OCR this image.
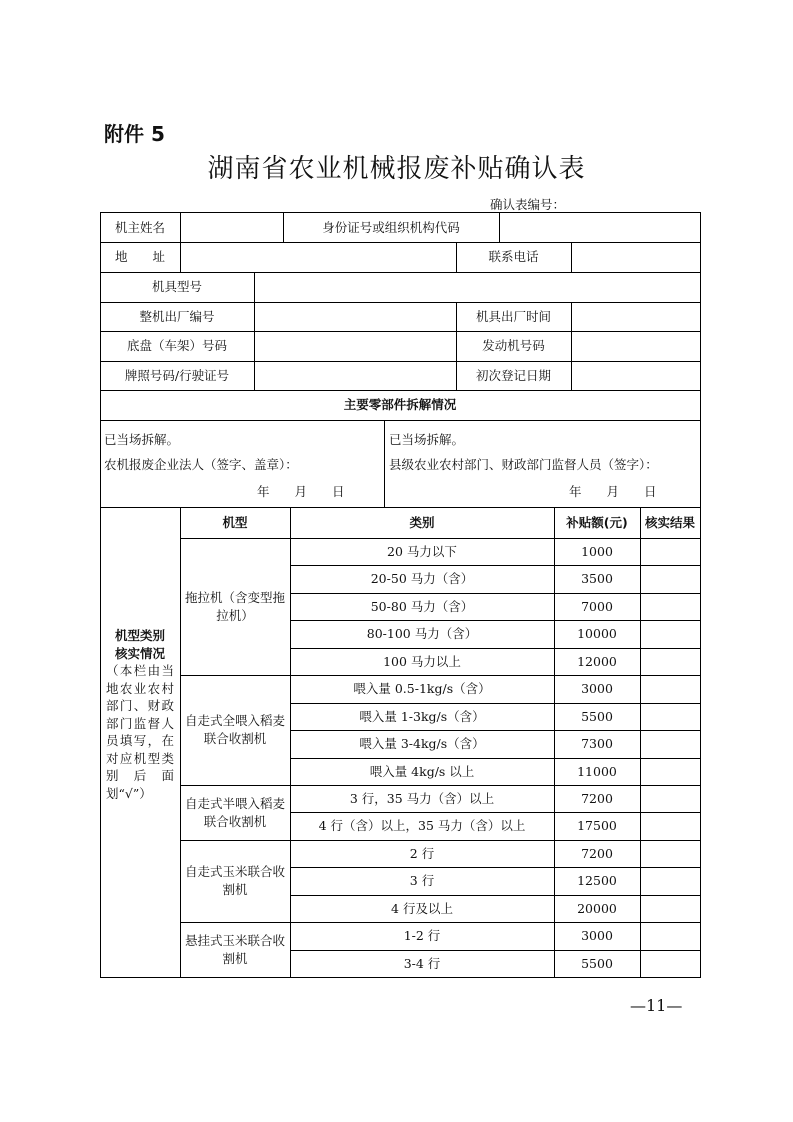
附件 5
湖南省农业机械报废补贴确认表
确认表编号：
机主姓名	身份证号或组织机构代码
地　　址	联系电话
机具型号
整机出厂编号	机具出厂时间
底盘（车架）号码	发动机号码
牌照号码/行驶证号	初次登记日期
主要零部件拆解情况
已当场拆解。
农机报废企业法人（签字、盖章）：
年　　月　　日
已当场拆解。
县级农业农村部门、财政部门监督人员（签字）：
年　　月　　日
机型类别
核实情况
（本栏由当地农业农村部门、财政部门监督人员填写，在对应机型类别后面划“√”）
机型	类别	补贴额(元)	核实结果
拖拉机（含变型拖拉机）
20 马力以下	1000
20-50 马力（含）	3500
50-80 马力（含）	7000
80-100 马力（含）	10000
100 马力以上	12000
自走式全喂入稻麦联合收割机
喂入量 0.5-1kg/s（含）	3000
喂入量 1-3kg/s（含）	5500
喂入量 3-4kg/s（含）	7300
喂入量 4kg/s 以上	11000
自走式半喂入稻麦联合收割机
3 行，35 马力（含）以上	7200
4 行（含）以上，35 马力（含）以上	17500
自走式玉米联合收割机
2 行	7200
3 行	12500
4 行及以上	20000
悬挂式玉米联合收割机
1-2 行	3000
3-4 行	5500
—11—
